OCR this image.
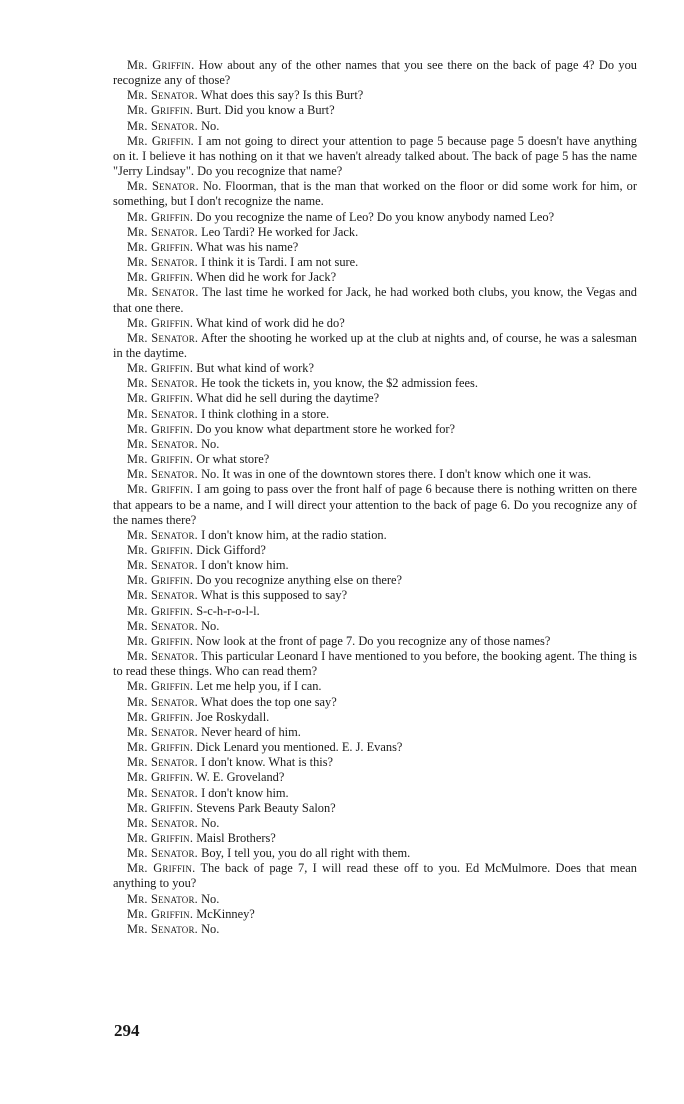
Mr. Griffin. How about any of the other names that you see there on the back of page 4? Do you recognize any of those?

Mr. Senator. What does this say? Is this Burt?

Mr. Griffin. Burt. Did you know a Burt?

Mr. Senator. No.

Mr. Griffin. I am not going to direct your attention to page 5 because page 5 doesn't have anything on it. I believe it has nothing on it that we haven't already talked about. The back of page 5 has the name "Jerry Lindsay". Do you recognize that name?

Mr. Senator. No. Floorman, that is the man that worked on the floor or did some work for him, or something, but I don't recognize the name.

Mr. Griffin. Do you recognize the name of Leo? Do you know anybody named Leo?

Mr. Senator. Leo Tardi? He worked for Jack.

Mr. Griffin. What was his name?

Mr. Senator. I think it is Tardi. I am not sure.

Mr. Griffin. When did he work for Jack?

Mr. Senator. The last time he worked for Jack, he had worked both clubs, you know, the Vegas and that one there.

Mr. Griffin. What kind of work did he do?

Mr. Senator. After the shooting he worked up at the club at nights and, of course, he was a salesman in the daytime.

Mr. Griffin. But what kind of work?

Mr. Senator. He took the tickets in, you know, the $2 admission fees.

Mr. Griffin. What did he sell during the daytime?

Mr. Senator. I think clothing in a store.

Mr. Griffin. Do you know what department store he worked for?

Mr. Senator. No.

Mr. Griffin. Or what store?

Mr. Senator. No. It was in one of the downtown stores there. I don't know which one it was.

Mr. Griffin. I am going to pass over the front half of page 6 because there is nothing written on there that appears to be a name, and I will direct your attention to the back of page 6. Do you recognize any of the names there?

Mr. Senator. I don't know him, at the radio station.

Mr. Griffin. Dick Gifford?

Mr. Senator. I don't know him.

Mr. Griffin. Do you recognize anything else on there?

Mr. Senator. What is this supposed to say?

Mr. Griffin. S-c-h-r-o-l-l.

Mr. Senator. No.

Mr. Griffin. Now look at the front of page 7. Do you recognize any of those names?

Mr. Senator. This particular Leonard I have mentioned to you before, the booking agent. The thing is to read these things. Who can read them?

Mr. Griffin. Let me help you, if I can.

Mr. Senator. What does the top one say?

Mr. Griffin. Joe Roskydall.

Mr. Senator. Never heard of him.

Mr. Griffin. Dick Lenard you mentioned. E. J. Evans?

Mr. Senator. I don't know. What is this?

Mr. Griffin. W. E. Groveland?

Mr. Senator. I don't know him.

Mr. Griffin. Stevens Park Beauty Salon?

Mr. Senator. No.

Mr. Griffin. Maisl Brothers?

Mr. Senator. Boy, I tell you, you do all right with them.

Mr. Griffin. The back of page 7, I will read these off to you. Ed McMulmore. Does that mean anything to you?

Mr. Senator. No.

Mr. Griffin. McKinney?

Mr. Senator. No.

294
